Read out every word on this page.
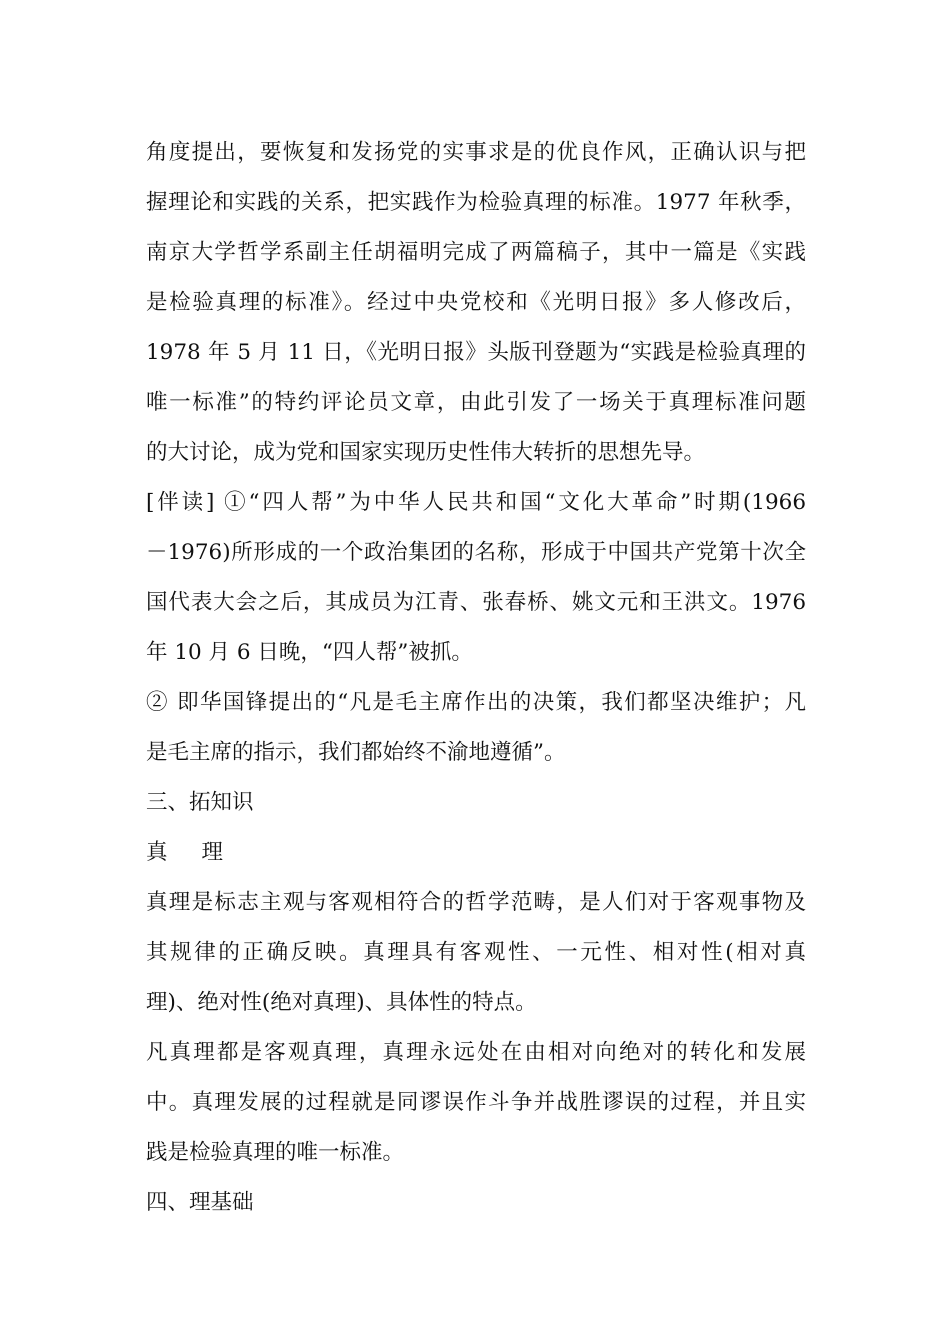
角度提出，要恢复和发扬党的实事求是的优良作风，正确认识与把
握理论和实践的关系，把实践作为检验真理的标准。1977 年秋季，
南京大学哲学系副主任胡福明完成了两篇稿子，其中一篇是《实践
是检验真理的标准》。经过中央党校和《光明日报》多人修改后，
1978 年 5 月 11 日，《光明日报》头版刊登题为“实践是检验真理的
唯一标准”的特约评论员文章，由此引发了一场关于真理标准问题
的大讨论，成为党和国家实现历史性伟大转折的思想先导。
[伴读] ①“四人帮”为中华人民共和国“文化大革命”时期(1966
－1976)所形成的一个政治集团的名称，形成于中国共产党第十次全
国代表大会之后，其成员为江青、张春桥、姚文元和王洪文。1976
年 10 月 6 日晚，“四人帮”被抓。
② 即华国锋提出的“凡是毛主席作出的决策，我们都坚决维护；凡
是毛主席的指示，我们都始终不渝地遵循”。
三、拓知识
真 理
真理是标志主观与客观相符合的哲学范畴，是人们对于客观事物及
其规律的正确反映。真理具有客观性、一元性、相对性(相对真
理)、绝对性(绝对真理)、具体性的特点。
凡真理都是客观真理，真理永远处在由相对向绝对的转化和发展
中。真理发展的过程就是同谬误作斗争并战胜谬误的过程，并且实
践是检验真理的唯一标准。
四、理基础
